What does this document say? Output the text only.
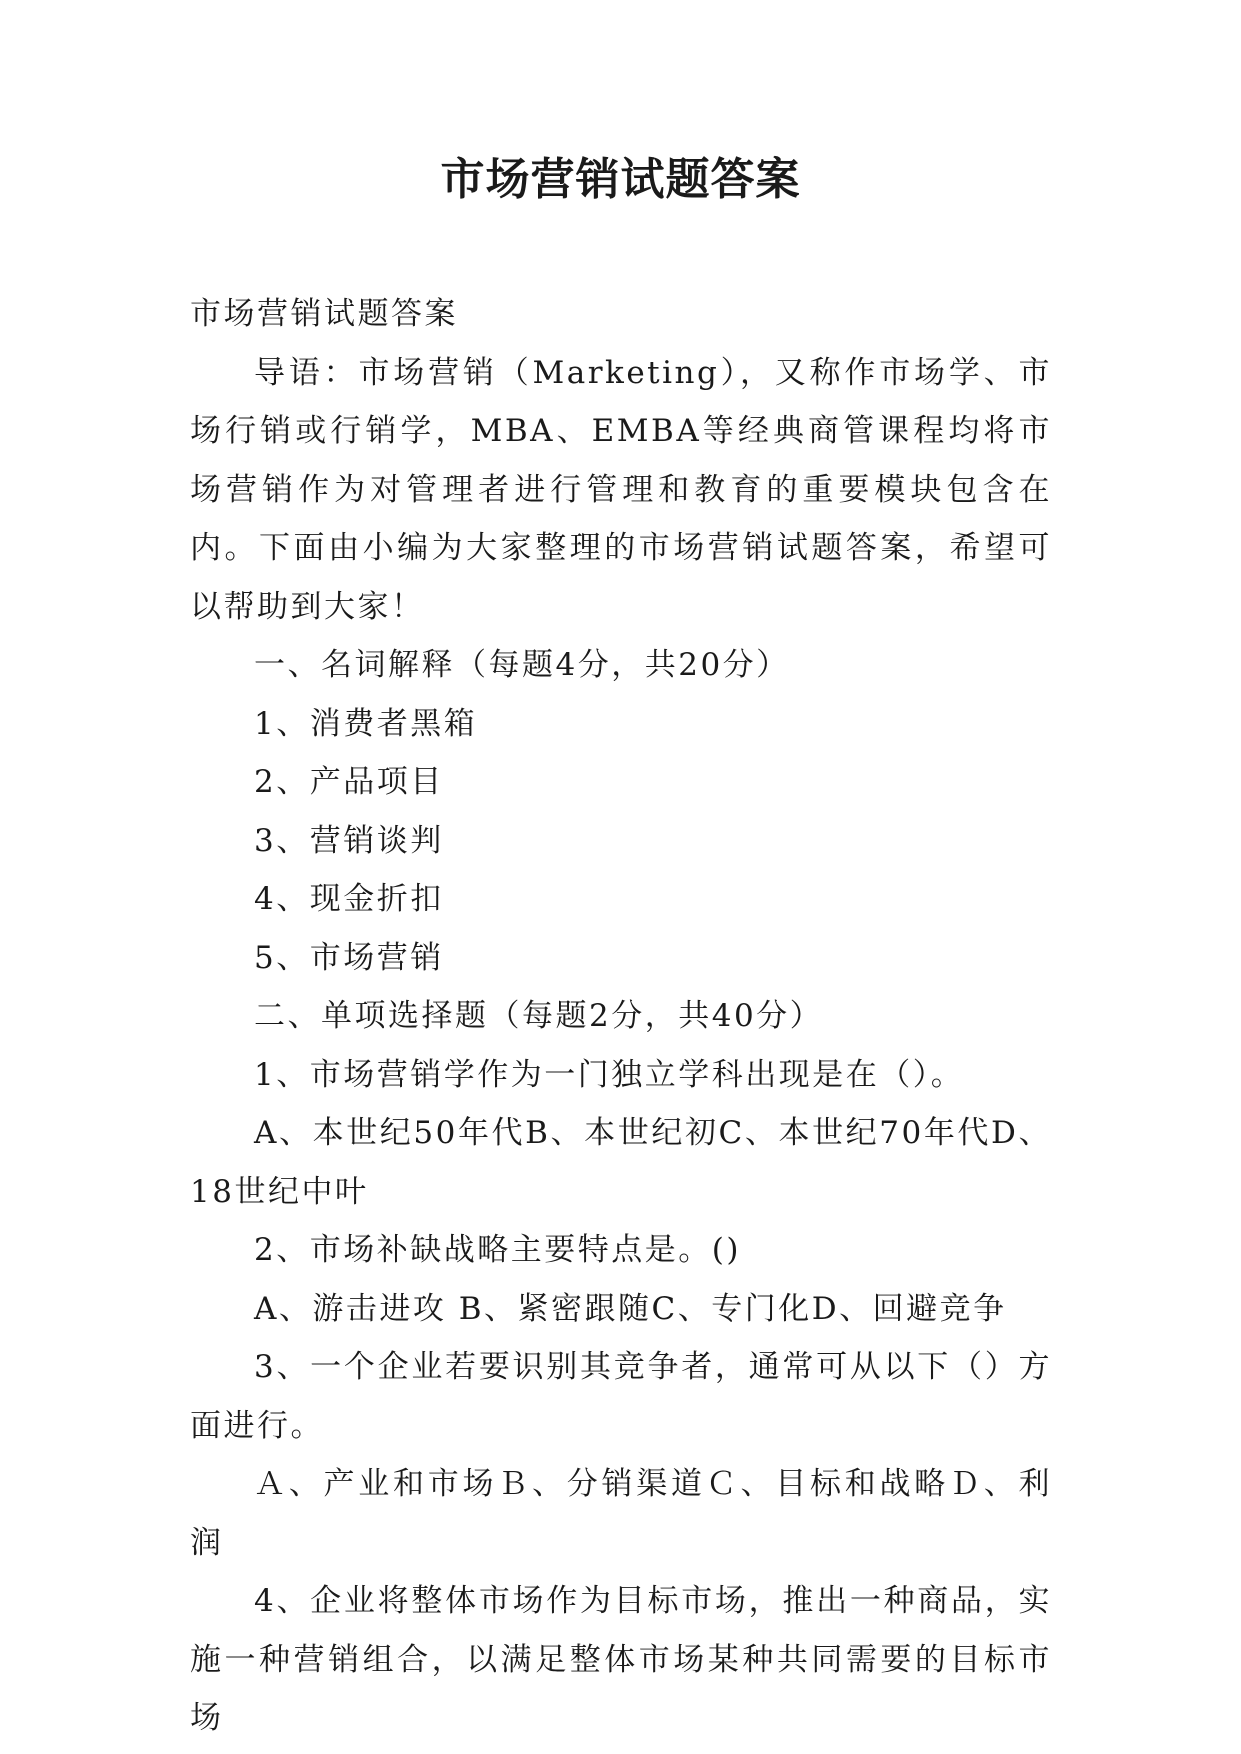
市场营销试题答案

市场营销试题答案

导语：市场营销（Marketing），又称作市场学、市场行销或行销学，MBA、EMBA等经典商管课程均将市场营销作为对管理者进行管理和教育的重要模块包含在内。下面由小编为大家整理的市场营销试题答案，希望可以帮助到大家！

一、名词解释（每题4分，共20分）

1、消费者黑箱

2、产品项目

3、营销谈判

4、现金折扣

5、市场营销

二、单项选择题（每题2分，共40分）

1、市场营销学作为一门独立学科出现是在（）。

A、本世纪50年代B、本世纪初C、本世纪70年代D、18世纪中叶

2、市场补缺战略主要特点是。()

A、游击进攻 B、紧密跟随C、专门化D、回避竞争

3、一个企业若要识别其竞争者，通常可从以下（）方面进行。

Ａ、产业和市场Ｂ、分销渠道Ｃ、目标和战略Ｄ、利润

4、企业将整体市场作为目标市场，推出一种商品，实施一种营销组合，以满足整体市场某种共同需要的目标市场
